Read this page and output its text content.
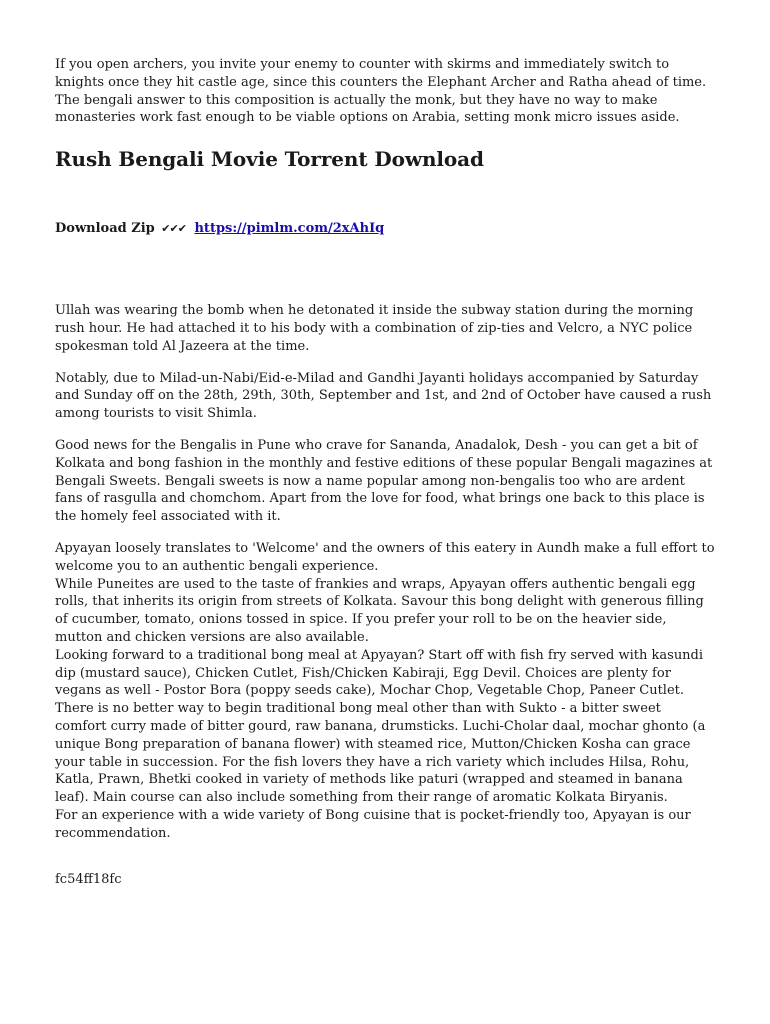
If you open archers, you invite your enemy to counter with skirms and immediately switch to knights once they hit castle age, since this counters the Elephant Archer and Ratha ahead of time. The bengali answer to this composition is actually the monk, but they have no way to make monasteries work fast enough to be viable options on Arabia, setting monk micro issues aside.

Rush Bengali Movie Torrent Download
Download Zip ✔✔✔ https://pimlm.com/2xAhIq

Ullah was wearing the bomb when he detonated it inside the subway station during the morning rush hour. He had attached it to his body with a combination of zip-ties and Velcro, a NYC police spokesman told Al Jazeera at the time.

Notably, due to Milad-un-Nabi/Eid-e-Milad and Gandhi Jayanti holidays accompanied by Saturday and Sunday off on the 28th, 29th, 30th, September and 1st, and 2nd of October have caused a rush among tourists to visit Shimla.

Good news for the Bengalis in Pune who crave for Sananda, Anadalok, Desh - you can get a bit of Kolkata and bong fashion in the monthly and festive editions of these popular Bengali magazines at Bengali Sweets. Bengali sweets is now a name popular among non-bengalis too who are ardent fans of rasgulla and chomchom. Apart from the love for food, what brings one back to this place is the homely feel associated with it.

Apyayan loosely translates to 'Welcome' and the owners of this eatery in Aundh make a full effort to welcome you to an authentic bengali experience.

While Puneites are used to the taste of frankies and wraps, Apyayan offers authentic bengali egg rolls, that inherits its origin from streets of Kolkata. Savour this bong delight with generous filling of cucumber, tomato, onions tossed in spice. If you prefer your roll to be on the heavier side, mutton and chicken versions are also available.

Looking forward to a traditional bong meal at Apyayan? Start off with fish fry served with kasundi dip (mustard sauce), Chicken Cutlet, Fish/Chicken Kabiraji, Egg Devil. Choices are plenty for vegans as well - Postor Bora (poppy seeds cake), Mochar Chop, Vegetable Chop, Paneer Cutlet. There is no better way to begin traditional bong meal other than with Sukto - a bitter sweet comfort curry made of bitter gourd, raw banana, drumsticks. Luchi-Cholar daal, mochar ghonto (a unique Bong preparation of banana flower) with steamed rice, Mutton/Chicken Kosha can grace your table in succession. For the fish lovers they have a rich variety which includes Hilsa, Rohu, Katla, Prawn, Bhetki cooked in variety of methods like paturi (wrapped and steamed in banana leaf). Main course can also include something from their range of aromatic Kolkata Biryanis.

For an experience with a wide variety of Bong cuisine that is pocket-friendly too, Apyayan is our recommendation.

fc54ff18fc
